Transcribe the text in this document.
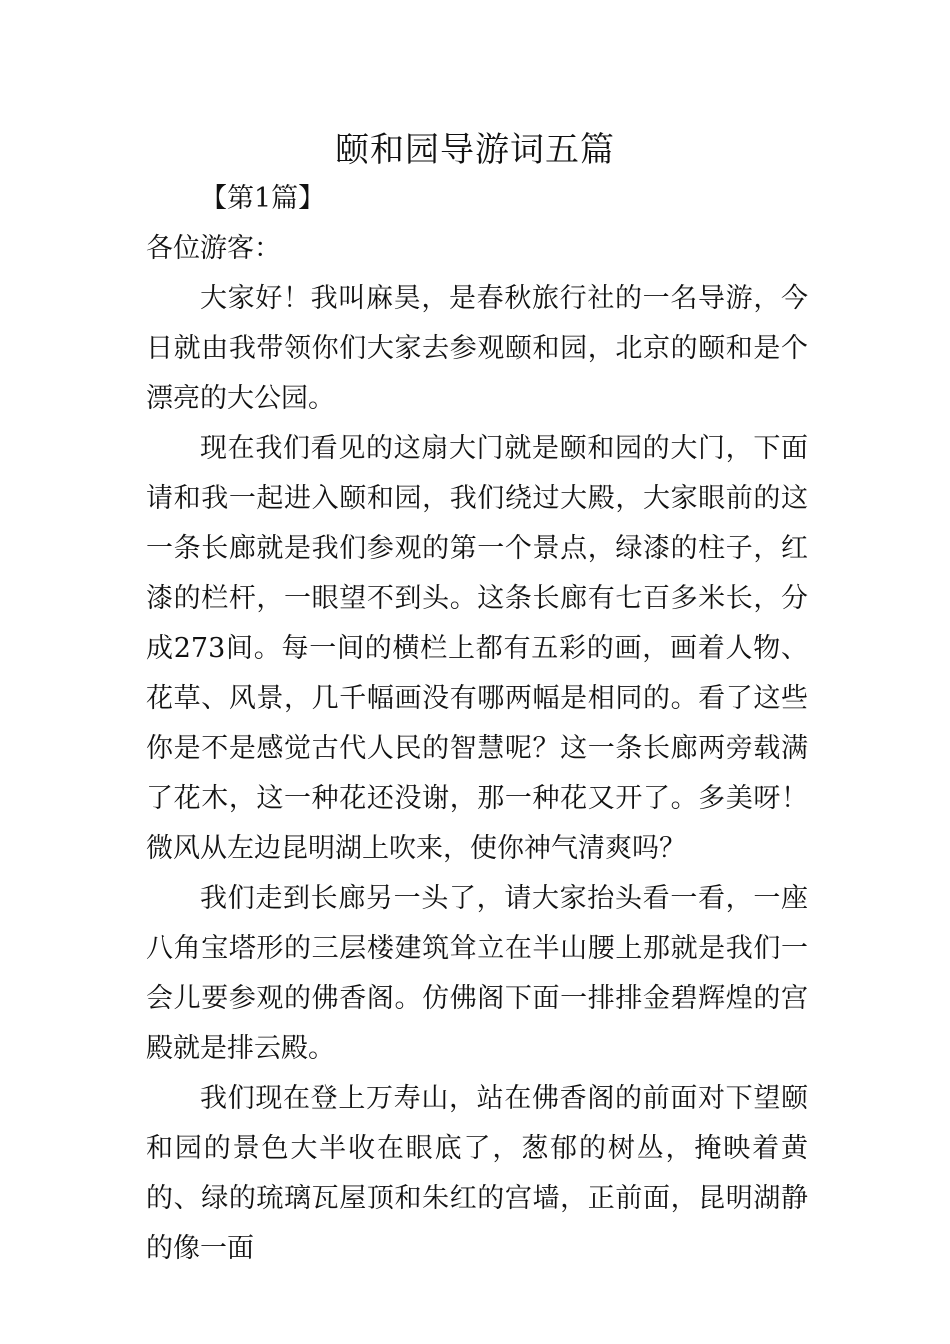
颐和园导游词五篇

【第1篇】

各位游客：

大家好！我叫麻昊，是春秋旅行社的一名导游，今日就由我带领你们大家去参观颐和园，北京的颐和是个漂亮的大公园。

现在我们看见的这扇大门就是颐和园的大门，下面请和我一起进入颐和园，我们绕过大殿，大家眼前的这一条长廊就是我们参观的第一个景点，绿漆的柱子，红漆的栏杆，一眼望不到头。这条长廊有七百多米长，分成273间。每一间的横栏上都有五彩的画，画着人物、花草、风景，几千幅画没有哪两幅是相同的。看了这些你是不是感觉古代人民的智慧呢？这一条长廊两旁载满了花木，这一种花还没谢，那一种花又开了。多美呀！微风从左边昆明湖上吹来，使你神气清爽吗？

我们走到长廊另一头了，请大家抬头看一看，一座八角宝塔形的三层楼建筑耸立在半山腰上那就是我们一会儿要参观的佛香阁。仿佛阁下面一排排金碧辉煌的宫殿就是排云殿。

我们现在登上万寿山，站在佛香阁的前面对下望颐和园的景色大半收在眼底了，葱郁的树丛，掩映着黄的、绿的琉璃瓦屋顶和朱红的宫墙，正前面，昆明湖静的像一面
